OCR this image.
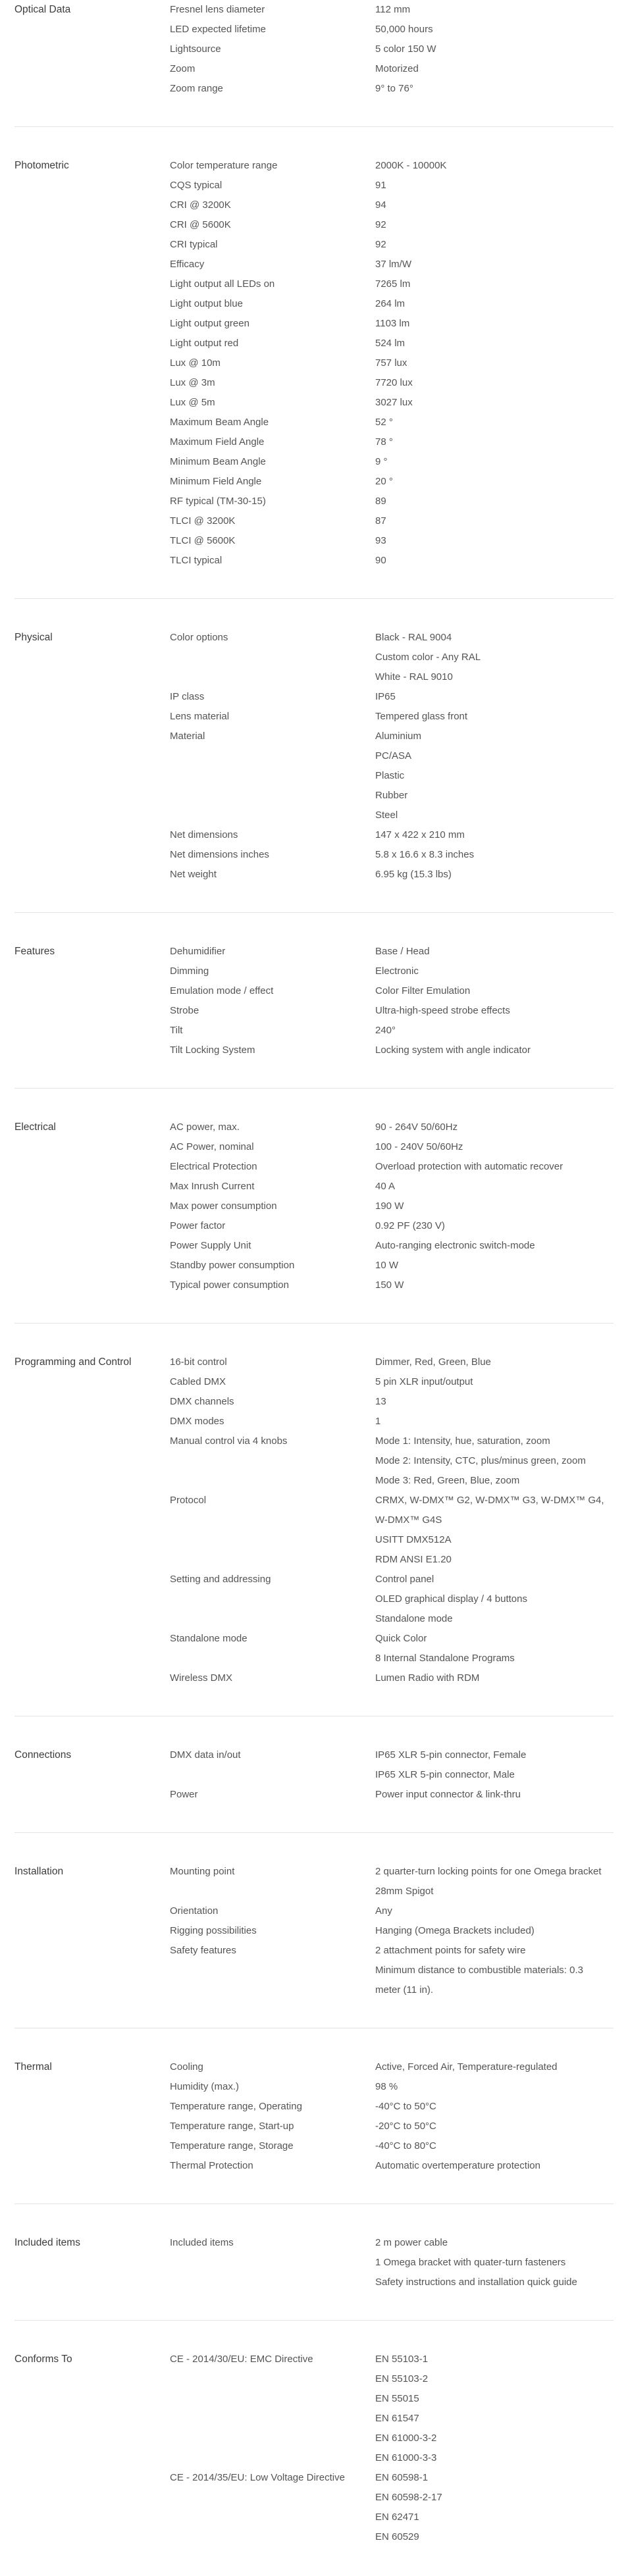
Optical Data	Fresnel lens diameter	112 mm
LED expected lifetime	50,000 hours
Lightsource	5 color 150 W
Zoom	Motorized
Zoom range	9° to 76°
Photometric	Color temperature range	2000K - 10000K
CQS typical	91
CRI @ 3200K	94
CRI @ 5600K	92
CRI typical	92
Efficacy	37 lm/W
Light output all LEDs on	7265 lm
Light output blue	264 lm
Light output green	1103 lm
Light output red	524 lm
Lux @ 10m	757 lux
Lux @ 3m	7720 lux
Lux @ 5m	3027 lux
Maximum Beam Angle	52 °
Maximum Field Angle	78 °
Minimum Beam Angle	9 °
Minimum Field Angle	20 °
RF typical (TM-30-15)	89
TLCI @ 3200K	87
TLCI @ 5600K	93
TLCI typical	90
Physical	Color options	Black - RAL 9004
Custom color - Any RAL
White - RAL 9010
IP class	IP65
Lens material	Tempered glass front
Material	Aluminium
PC/ASA
Plastic
Rubber
Steel
Net dimensions	147 x 422 x 210 mm
Net dimensions inches	5.8 x 16.6 x 8.3 inches
Net weight	6.95 kg (15.3 lbs)
Features	Dehumidifier	Base / Head
Dimming	Electronic
Emulation mode / effect	Color Filter Emulation
Strobe	Ultra-high-speed strobe effects
Tilt	240°
Tilt Locking System	Locking system with angle indicator
Electrical	AC power, max.	90 - 264V 50/60Hz
AC Power, nominal	100 - 240V 50/60Hz
Electrical Protection	Overload protection with automatic recover
Max Inrush Current	40 A
Max power consumption	190 W
Power factor	0.92 PF (230 V)
Power Supply Unit	Auto-ranging electronic switch-mode
Standby power consumption	10 W
Typical power consumption	150 W
Programming and Control	16-bit control	Dimmer, Red, Green, Blue
Cabled DMX	5 pin XLR input/output
DMX channels	13
DMX modes	1
Manual control via 4 knobs	Mode 1: Intensity, hue, saturation, zoom
Mode 2: Intensity, CTC, plus/minus green, zoom
Mode 3: Red, Green, Blue, zoom
Protocol	CRMX, W-DMX™ G2, W-DMX™ G3, W-DMX™ G4, W-DMX™ G4S
USITT DMX512A
RDM ANSI E1.20
Setting and addressing	Control panel
OLED graphical display / 4 buttons
Standalone mode
Standalone mode	Quick Color
8 Internal Standalone Programs
Wireless DMX	Lumen Radio with RDM
Connections	DMX data in/out	IP65 XLR 5-pin connector, Female
IP65 XLR 5-pin connector, Male
Power	Power input connector & link-thru
Installation	Mounting point	2 quarter-turn locking points for one Omega bracket
28mm Spigot
Orientation	Any
Rigging possibilities	Hanging (Omega Brackets included)
Safety features	2 attachment points for safety wire
Minimum distance to combustible materials: 0.3 meter (11 in).
Thermal	Cooling	Active, Forced Air, Temperature-regulated
Humidity (max.)	98 %
Temperature range, Operating	-40°C to 50°C
Temperature range, Start-up	-20°C to 50°C
Temperature range, Storage	-40°C to 80°C
Thermal Protection	Automatic overtemperature protection
Included items	Included items	2 m power cable
1 Omega bracket with quater-turn fasteners
Safety instructions and installation quick guide
Conforms To	CE - 2014/30/EU: EMC Directive	EN 55103-1
EN 55103-2
EN 55015
EN 61547
EN 61000-3-2
EN 61000-3-3
CE - 2014/35/EU: Low Voltage Directive	EN 60598-1
EN 60598-2-17
EN 62471
EN 60529
